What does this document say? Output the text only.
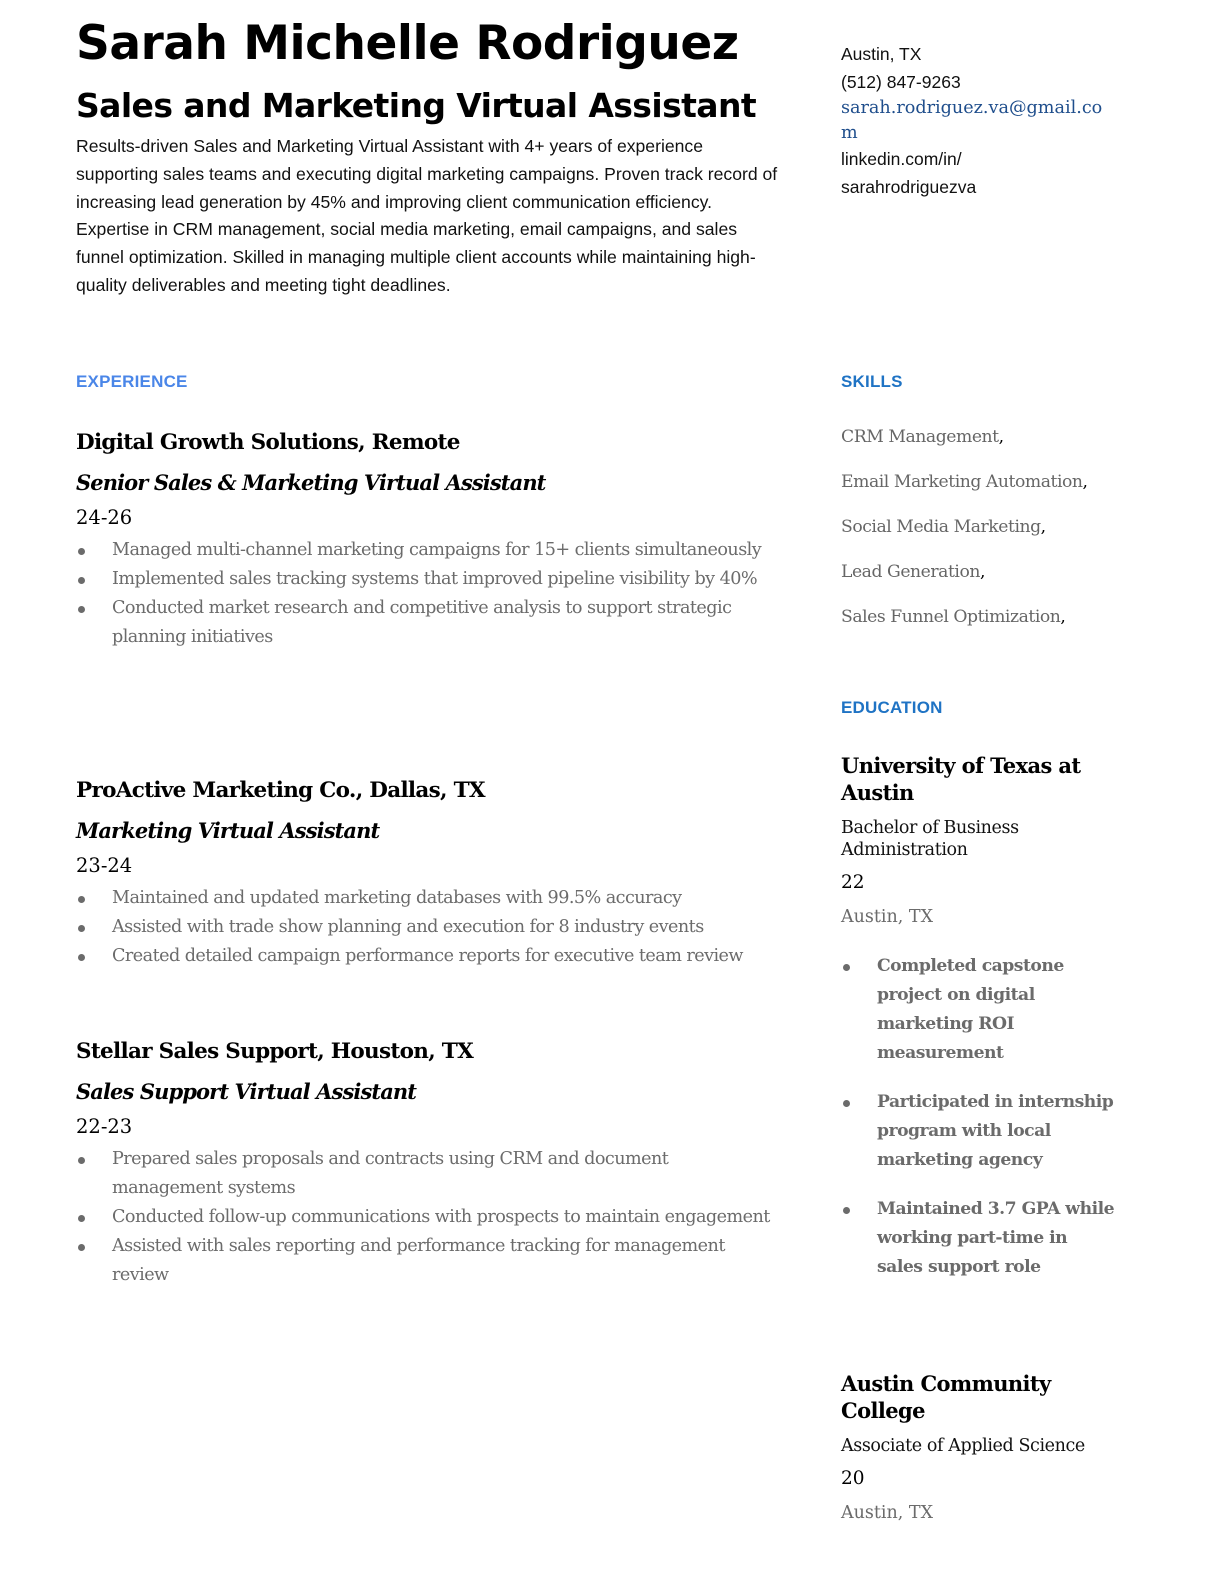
Sarah Michelle Rodriguez
Sales and Marketing Virtual Assistant

Results-driven Sales and Marketing Virtual Assistant with 4+ years of experience supporting sales teams and executing digital marketing campaigns. Proven track record of increasing lead generation by 45% and improving client communication efficiency. Expertise in CRM management, social media marketing, email campaigns, and sales funnel optimization. Skilled in managing multiple client accounts while maintaining high-quality deliverables and meeting tight deadlines.

Austin, TX
(512) 847-9263
sarah.rodriguez.va@gmail.com
linkedin.com/in/ sarahrodriguezva
EXPERIENCE
Digital Growth Solutions, Remote
Senior Sales & Marketing Virtual Assistant
24-26
Managed multi-channel marketing campaigns for 15+ clients simultaneously
Implemented sales tracking systems that improved pipeline visibility by 40%
Conducted market research and competitive analysis to support strategic planning initiatives
ProActive Marketing Co., Dallas, TX
Marketing Virtual Assistant
23-24
Maintained and updated marketing databases with 99.5% accuracy
Assisted with trade show planning and execution for 8 industry events
Created detailed campaign performance reports for executive team review
Stellar Sales Support, Houston, TX
Sales Support Virtual Assistant
22-23
Prepared sales proposals and contracts using CRM and document management systems
Conducted follow-up communications with prospects to maintain engagement
Assisted with sales reporting and performance tracking for management review
SKILLS
CRM Management,
Email Marketing Automation,
Social Media Marketing,
Lead Generation,
Sales Funnel Optimization,
EDUCATION
University of Texas at Austin
Bachelor of Business Administration
22
Austin, TX
Completed capstone project on digital marketing ROI measurement
Participated in internship program with local marketing agency
Maintained 3.7 GPA while working part-time in sales support role
Austin Community College
Associate of Applied Science
20
Austin, TX
